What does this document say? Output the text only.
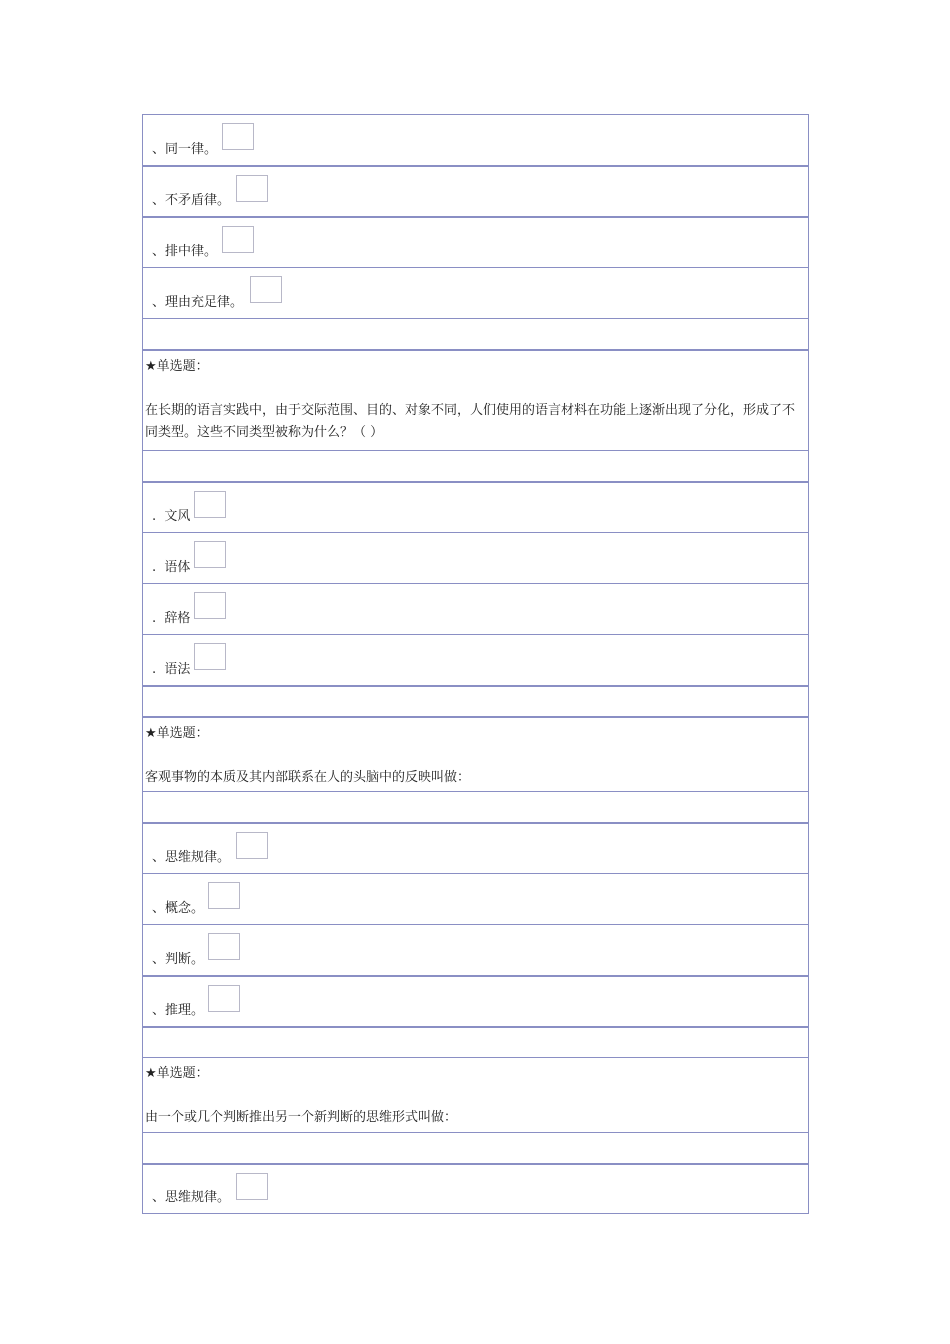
、同一律。
、不矛盾律。
、排中律。
、理由充足律。
★单选题：
在长期的语言实践中，由于交际范围、目的、对象不同，人们使用的语言材料在功能上逐渐出现了分化，形成了不同类型。这些不同类型被称为什么？（ ）
. 文风
. 语体
. 辞格
. 语法
★单选题：
客观事物的本质及其内部联系在人的头脑中的反映叫做：
、思维规律。
、概念。
、判断。
、推理。
★单选题：
由一个或几个判断推出另一个新判断的思维形式叫做：
、思维规律。
